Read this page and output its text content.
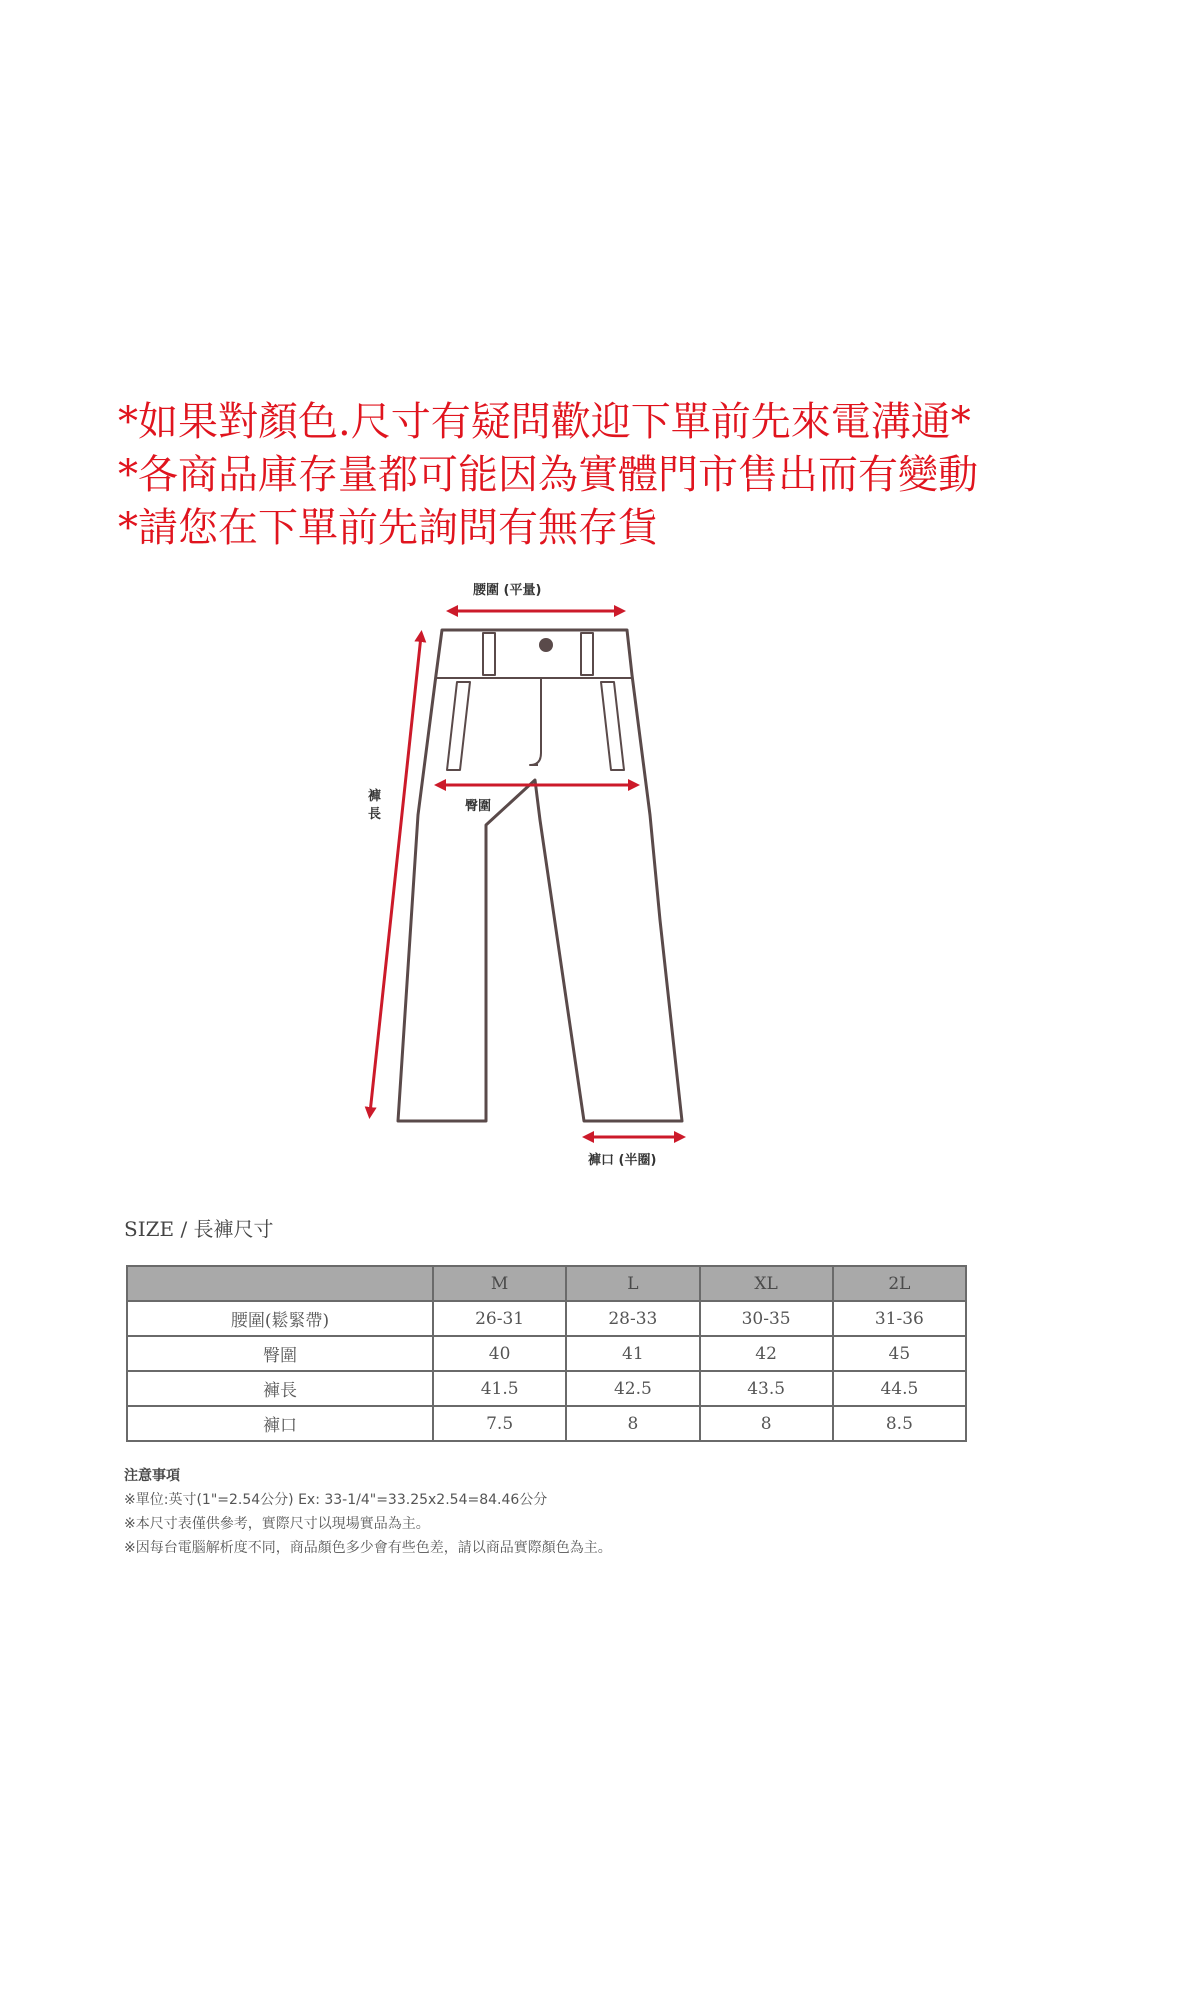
*如果對顏色.尺寸有疑問歡迎下單前先來電溝通*
*各商品庫存量都可能因為實體門市售出而有變動
*請您在下單前先詢問有無存貨
腰圍 (平量)
臀圍
褲
長
褲口 (半圈)
SIZE / 長褲尺寸
	M	L	XL	2L
腰圍(鬆緊帶)	26-31	28-33	30-35	31-36
臀圍	40	41	42	45
褲長	41.5	42.5	43.5	44.5
褲口	7.5	8	8	8.5
注意事項
※單位:英寸(1"=2.54公分) Ex: 33-1/4"=33.25x2.54=84.46公分
※本尺寸表僅供參考，實際尺寸以現場實品為主。
※因每台電腦解析度不同，商品顏色多少會有些色差，請以商品實際顏色為主。
